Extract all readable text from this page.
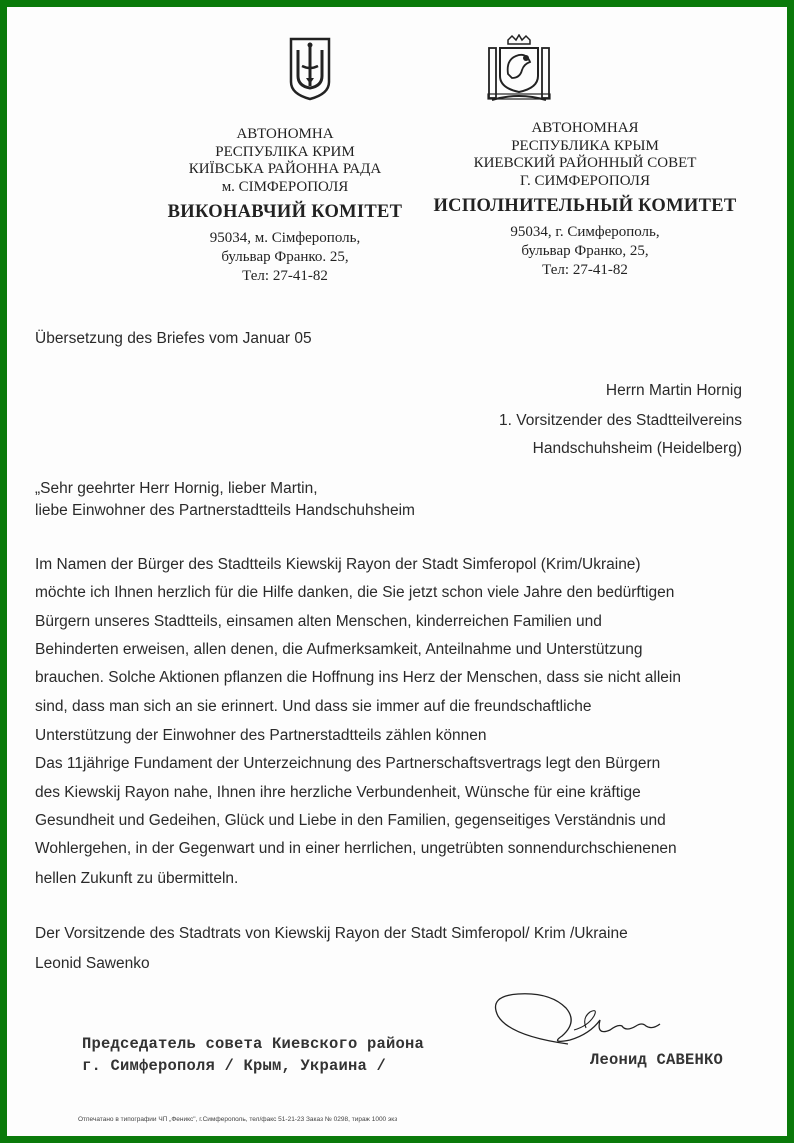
АВТОНОМНА
РЕСПУБЛІКА КРИМ
КИЇВСЬКА РАЙОННА РАДА
м. СІМФЕРОПОЛЯ
ВИКОНАВЧИЙ КОМІТЕТ
95034, м. Сімферополь,
бульвар Франко. 25,
Тел: 27-41-82
АВТОНОМНАЯ
РЕСПУБЛИКА КРЫМ
КИЕВСКИЙ РАЙОННЫЙ СОВЕТ
Г. СИМФЕРОПОЛЯ
ИСПОЛНИТЕЛЬНЫЙ КОМИТЕТ
95034, г. Симферополь,
бульвар Франко, 25,
Тел: 27-41-82
Übersetzung des Briefes vom Januar 05
Herrn Martin Hornig
1. Vorsitzender des Stadtteilvereins
Handschuhsheim (Heidelberg)
„Sehr geehrter Herr Hornig, lieber Martin,
liebe Einwohner des Partnerstadtteils Handschuhsheim
Im Namen der Bürger des Stadtteils Kiewskij Rayon der Stadt Simferopol (Krim/Ukraine)
möchte ich Ihnen herzlich für die Hilfe danken, die Sie jetzt schon viele Jahre den bedürftigen
Bürgern unseres Stadtteils, einsamen alten Menschen, kinderreichen Familien und
Behinderten erweisen, allen denen, die Aufmerksamkeit, Anteilnahme und Unterstützung
brauchen. Solche Aktionen pflanzen die Hoffnung ins Herz der Menschen, dass sie nicht allein
sind, dass man sich an sie erinnert. Und dass sie immer auf die freundschaftliche
Unterstützung der Einwohner des Partnerstadtteils zählen können
Das 11jährige Fundament der Unterzeichnung des Partnerschaftsvertrags legt den Bürgern
des Kiewskij Rayon nahe, Ihnen ihre herzliche Verbundenheit, Wünsche für eine kräftige
Gesundheit und Gedeihen, Glück und Liebe in den Familien, gegenseitiges Verständnis und
Wohlergehen, in der Gegenwart und in einer herrlichen, ungetrübten sonnendurchschienenen
hellen Zukunft zu übermitteln.
Der Vorsitzende des Stadtrats von Kiewskij Rayon der Stadt Simferopol/ Krim /Ukraine
Leonid Sawenko
Председатель совета Киевского района
г. Симферополя / Крым, Украина /	Леонид САВЕНКО
Отпечатано в типографии ЧП „Феникс", г.Симферополь, тел/факс 51-21-23 Заказ № 0298, тираж 1000 экз
